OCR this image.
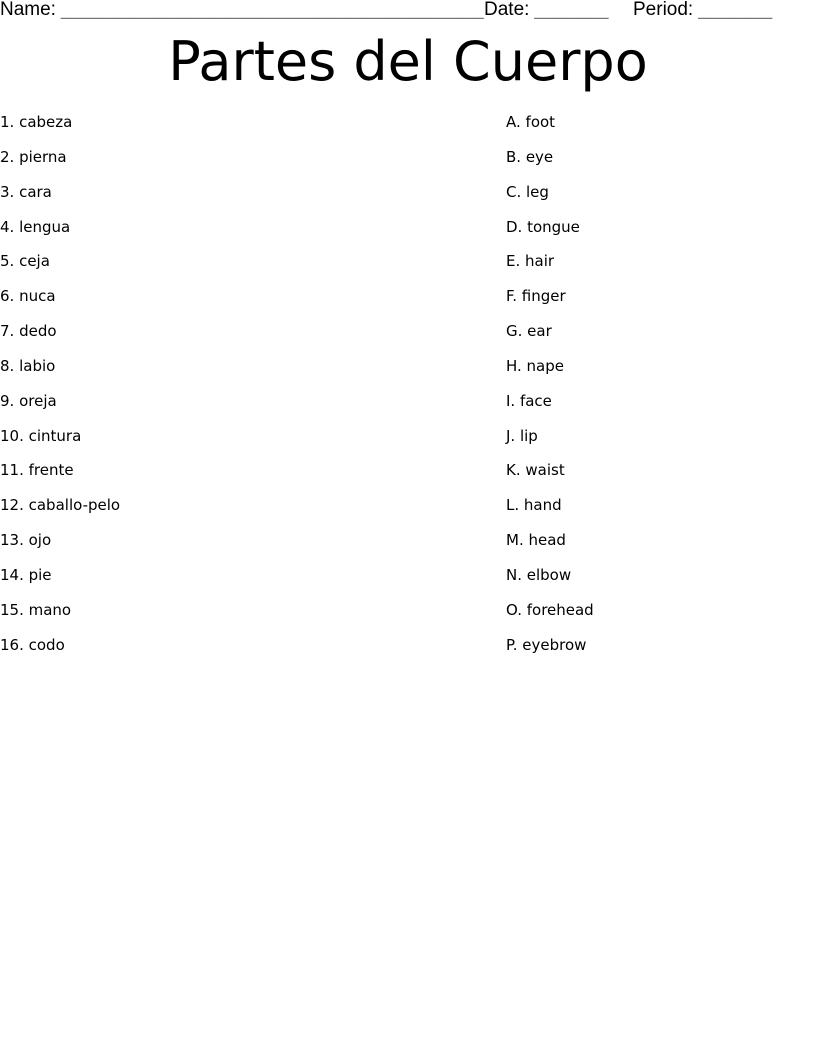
Name: ________________________________________ Date: _______ Period: _______
Partes del Cuerpo
1. cabeza
2. pierna
3. cara
4. lengua
5. ceja
6. nuca
7. dedo
8. labio
9. oreja
10. cintura
11. frente
12. caballo-pelo
13. ojo
14. pie
15. mano
16. codo
A. foot
B. eye
C. leg
D. tongue
E. hair
F. finger
G. ear
H. nape
I. face
J. lip
K. waist
L. hand
M. head
N. elbow
O. forehead
P. eyebrow
